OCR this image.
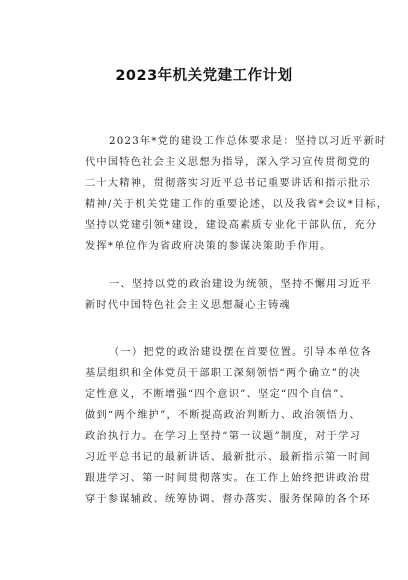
2023年机关党建工作计划
2023年*党的建设工作总体要求是：坚持以习近平新时
代中国特色社会主义思想为指导，深入学习宣传贯彻党的
二十大精神，贯彻落实习近平总书记重要讲话和指示批示
精神/关于机关党建工作的重要论述，以及我省*会议*目标，
坚持以党建引领*建设，建设高素质专业化干部队伍，充分
发挥*单位作为省政府决策的参谋决策助手作用。
一、坚持以党的政治建设为统领，坚持不懈用习近平
新时代中国特色社会主义思想凝心主铸魂
（一）把党的政治建设摆在首要位置。引导本单位各
基层组织和全体党员干部职工深刻领悟“两个确立”的决
定性意义，不断增强“四个意识”、坚定“四个自信”、
做到“两个维护”，不断提高政治判断力、政治领悟力、
政治执行力。在学习上坚持“第一议题”制度，对于学习
习近平总书记的最新讲话、最新批示、最新指示第一时间
跟进学习、第一时间贯彻落实。在工作上始终把讲政治贯
穿于参谋辅政、统筹协调、督办落实、服务保障的各个环
